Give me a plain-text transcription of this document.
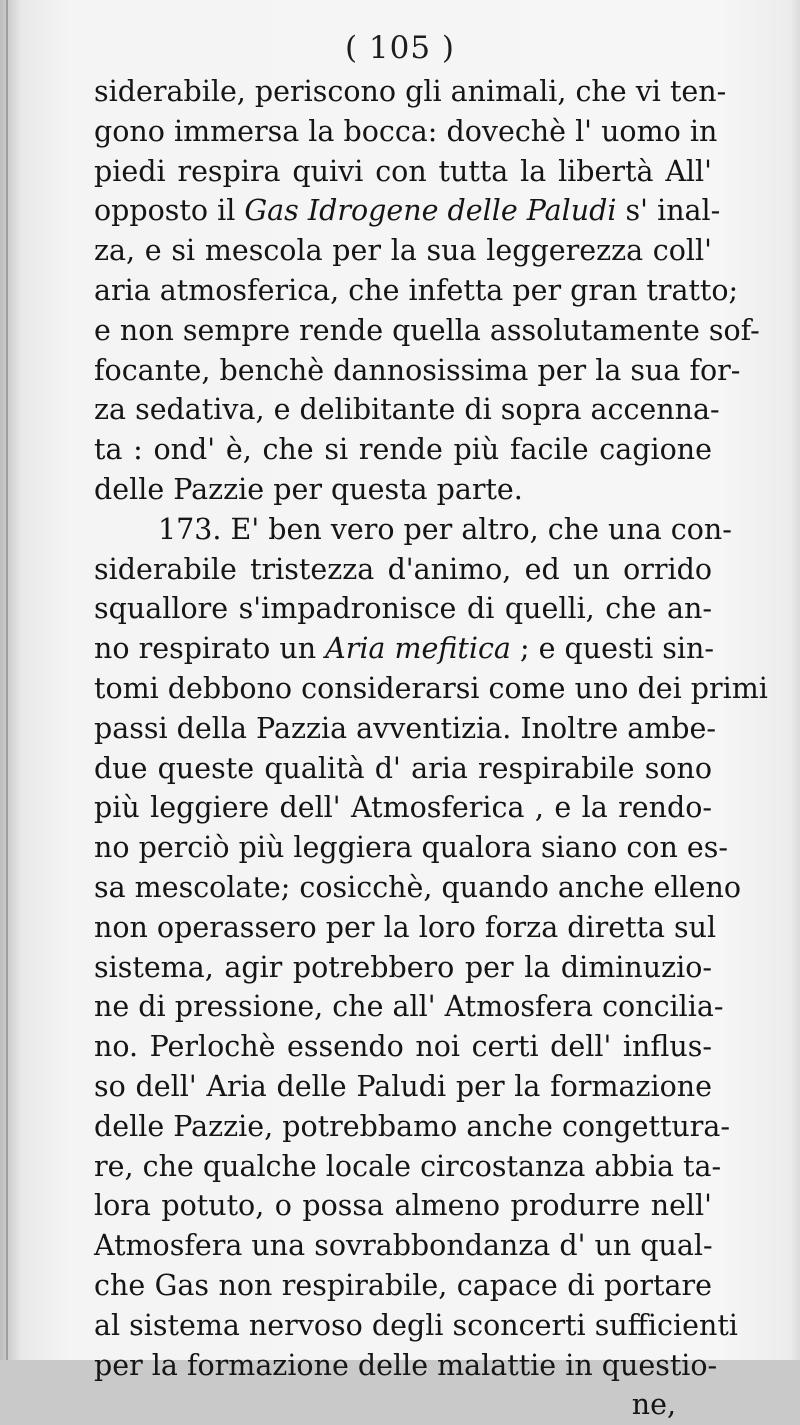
( 105 )
siderabile, periscono gli animali, che vi ten-
gono immersa la bocca: dovechè l' uomo in
piedi respira quivi con tutta la libertà All'
opposto il Gas Idrogene delle Paludi s' inal-
za, e si mescola per la sua leggerezza coll'
aria atmosferica, che infetta per gran tratto;
e non sempre rende quella assolutamente sof-
focante, benchè dannosissima per la sua for-
za sedativa, e delibitante di sopra accenna-
ta : ond' è, che si rende più facile cagione
delle Pazzie per questa parte.
173. E' ben vero per altro, che una con-
siderabile tristezza d'animo, ed un orrido
squallore s'impadronisce di quelli, che an-
no respirato un Aria mefitica ; e questi sin-
tomi debbono considerarsi come uno dei primi
passi della Pazzia avventizia. Inoltre ambe-
due queste qualità d' aria respirabile sono
più leggiere dell' Atmosferica , e la rendo-
no perciò più leggiera qualora siano con es-
sa mescolate; cosicchè, quando anche elleno
non operassero per la loro forza diretta sul
sistema, agir potrebbero per la diminuzio-
ne di pressione, che all' Atmosfera concilia-
no. Perlochè essendo noi certi dell' influs-
so dell' Aria delle Paludi per la formazione
delle Pazzie, potrebbamo anche congettura-
re, che qualche locale circostanza abbia ta-
lora potuto, o possa almeno produrre nell'
Atmosfera una sovrabbondanza d' un qual-
che Gas non respirabile, capace di portare
al sistema nervoso degli sconcerti sufficienti
per la formazione delle malattie in questio-
ne,
